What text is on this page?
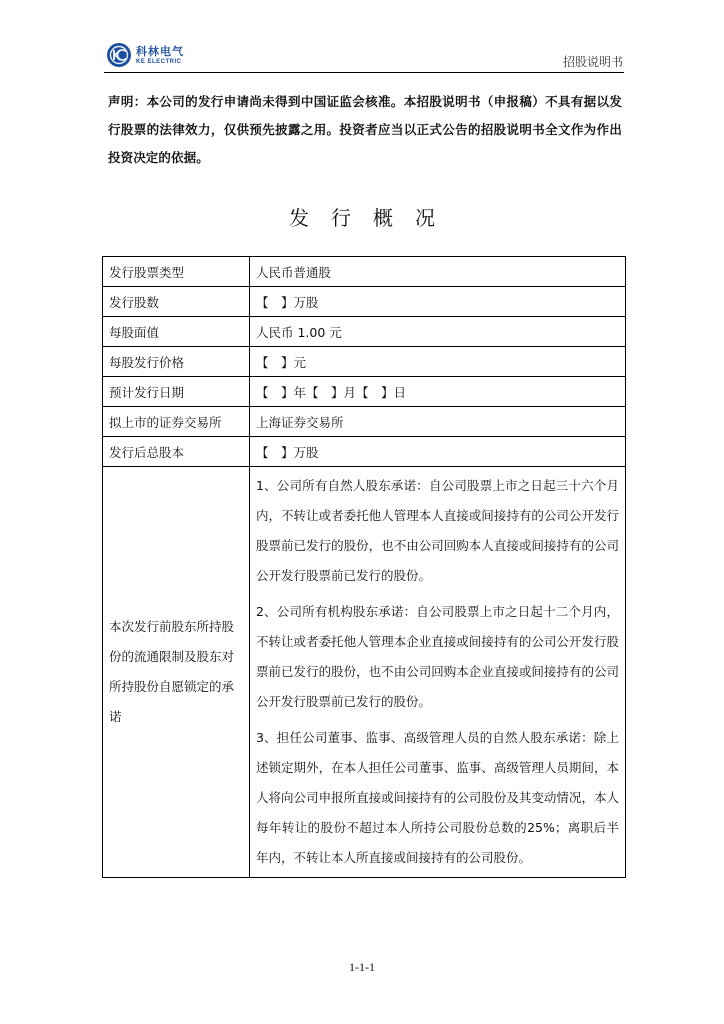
科林电气
KE ELECTRIC	招股说明书
声明：本公司的发行申请尚未得到中国证监会核准。本招股说明书（申报稿）不具有据以发行股票的法律效力，仅供预先披露之用。投资者应当以正式公告的招股说明书全文作为作出投资决定的依据。
发行概况
发行股票类型	人民币普通股
发行股数	【　】万股
每股面值	人民币 1.00 元
每股发行价格	【　】元
预计发行日期	【　】年【　】月【　】日
拟上市的证券交易所	上海证券交易所
发行后总股本	【　】万股
本次发行前股东所持股份的流通限制及股东对所持股份自愿锁定的承诺	1、公司所有自然人股东承诺：自公司股票上市之日起三十六个月内，不转让或者委托他人管理本人直接或间接持有的公司公开发行股票前已发行的股份，也不由公司回购本人直接或间接持有的公司公开发行股票前已发行的股份。

2、公司所有机构股东承诺：自公司股票上市之日起十二个月内，不转让或者委托他人管理本企业直接或间接持有的公司公开发行股票前已发行的股份，也不由公司回购本企业直接或间接持有的公司公开发行股票前已发行的股份。

3、担任公司董事、监事、高级管理人员的自然人股东承诺：除上述锁定期外，在本人担任公司董事、监事、高级管理人员期间，本人将向公司申报所直接或间接持有的公司股份及其变动情况，本人每年转让的股份不超过本人所持公司股份总数的25%；离职后半年内，不转让本人所直接或间接持有的公司股份。

1-1-1
